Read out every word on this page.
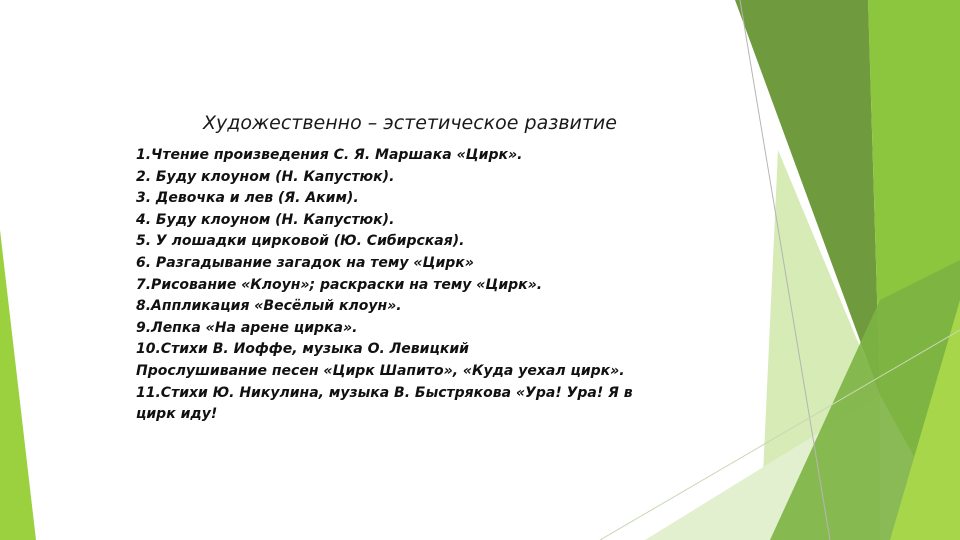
Художественно – эстетическое развитие
1.Чтение произведения С. Я. Маршака «Цирк».
2. Буду клоуном (Н. Капустюк).
3. Девочка и лев (Я. Аким).
4. Буду клоуном (Н. Капустюк).
5. У лошадки цирковой (Ю. Сибирская).
6. Разгадывание загадок на тему «Цирк»
7.Рисование «Клоун»; раскраски на тему «Цирк».
8.Аппликация «Весёлый клоун».
9.Лепка «На арене цирка».
10.Стихи В. Иоффе, музыка О. Левицкий
Прослушивание песен «Цирк Шапито», «Куда уехал цирк».
11.Стихи Ю. Никулина, музыка В. Быстрякова «Ура! Ура! Я в
цирк иду!
